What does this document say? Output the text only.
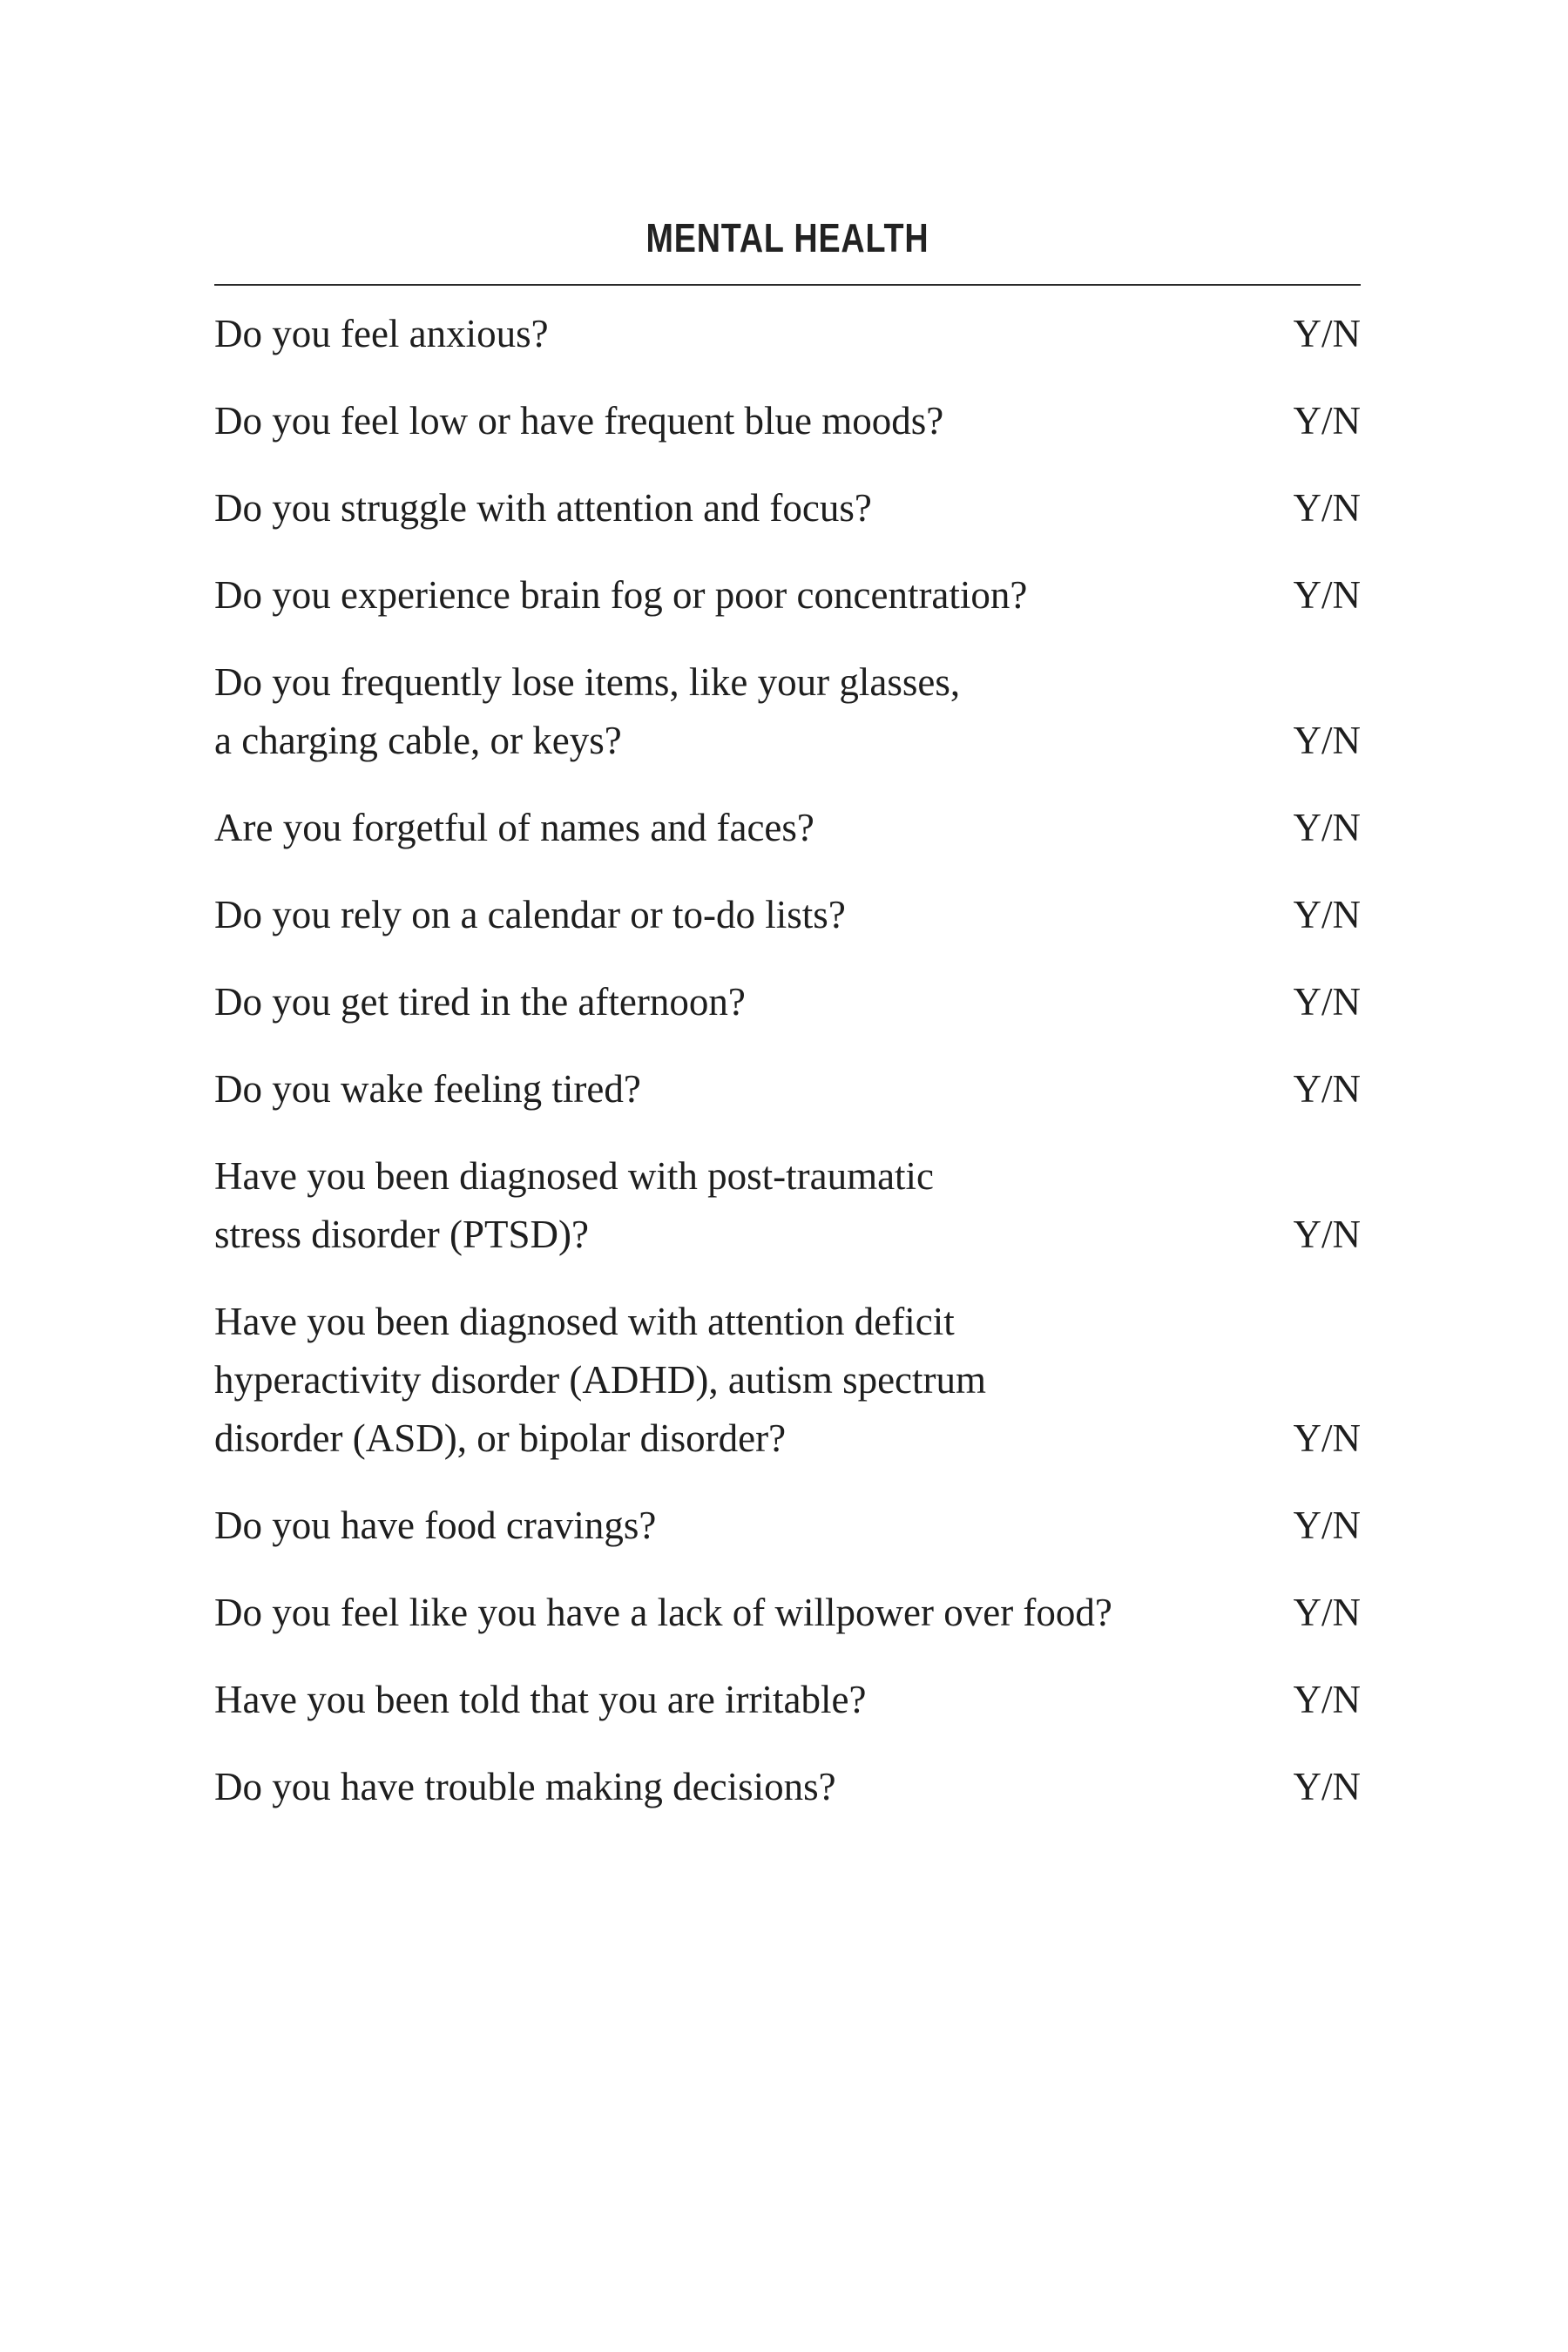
MENTAL HEALTH
Do you feel anxious?	Y/N
Do you feel low or have frequent blue moods?	Y/N
Do you struggle with attention and focus?	Y/N
Do you experience brain fog or poor concentration?	Y/N
Do you frequently lose items, like your glasses,
a charging cable, or keys?	Y/N
Are you forgetful of names and faces?	Y/N
Do you rely on a calendar or to-do lists?	Y/N
Do you get tired in the afternoon?	Y/N
Do you wake feeling tired?	Y/N
Have you been diagnosed with post-traumatic
stress disorder (PTSD)?	Y/N
Have you been diagnosed with attention deficit
hyperactivity disorder (ADHD), autism spectrum
disorder (ASD), or bipolar disorder?	Y/N
Do you have food cravings?	Y/N
Do you feel like you have a lack of willpower over food?	Y/N
Have you been told that you are irritable?	Y/N
Do you have trouble making decisions?	Y/N
